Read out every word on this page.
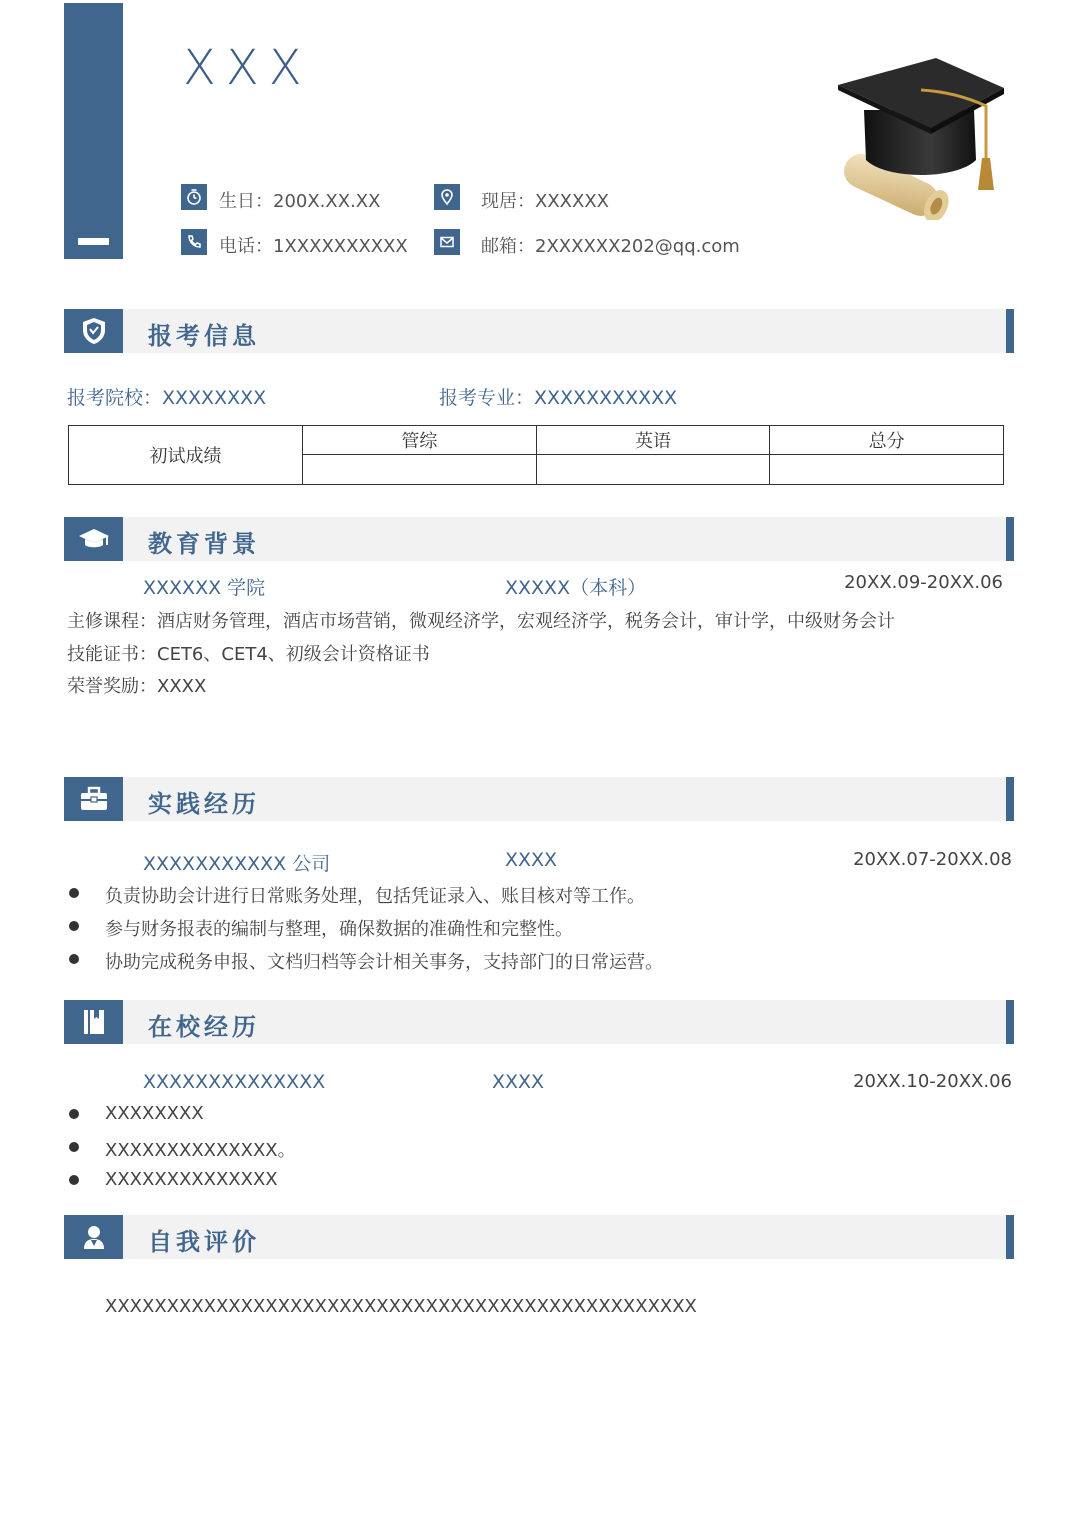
XXX
生日：200X.XX.XX	现居：XXXXXX
电话：1XXXXXXXXXX	邮箱：2XXXXXX202@qq.com
报考信息
报考院校：XXXXXXXX	报考专业：XXXXXXXXXXX
初试成绩	管综	英语	总分

教育背景
XXXXXX 学院	XXXXX（本科）	20XX.09-20XX.06
主修课程：酒店财务管理，酒店市场营销，微观经济学，宏观经济学，税务会计，审计学，中级财务会计
技能证书：CET6、CET4、初级会计资格证书
荣誉奖励：XXXX
实践经历
XXXXXXXXXXX 公司	XXXX	20XX.07-20XX.08
负责协助会计进行日常账务处理，包括凭证录入、账目核对等工作。
参与财务报表的编制与整理，确保数据的准确性和完整性。
协助完成税务申报、文档归档等会计相关事务，支持部门的日常运营。
在校经历
XXXXXXXXXXXXXX	XXXX	20XX.10-20XX.06
XXXXXXXX
XXXXXXXXXXXXXX。
XXXXXXXXXXXXXX
自我评价
XXXXXXXXXXXXXXXXXXXXXXXXXXXXXXXXXXXXXXXXXXXXXXXX
